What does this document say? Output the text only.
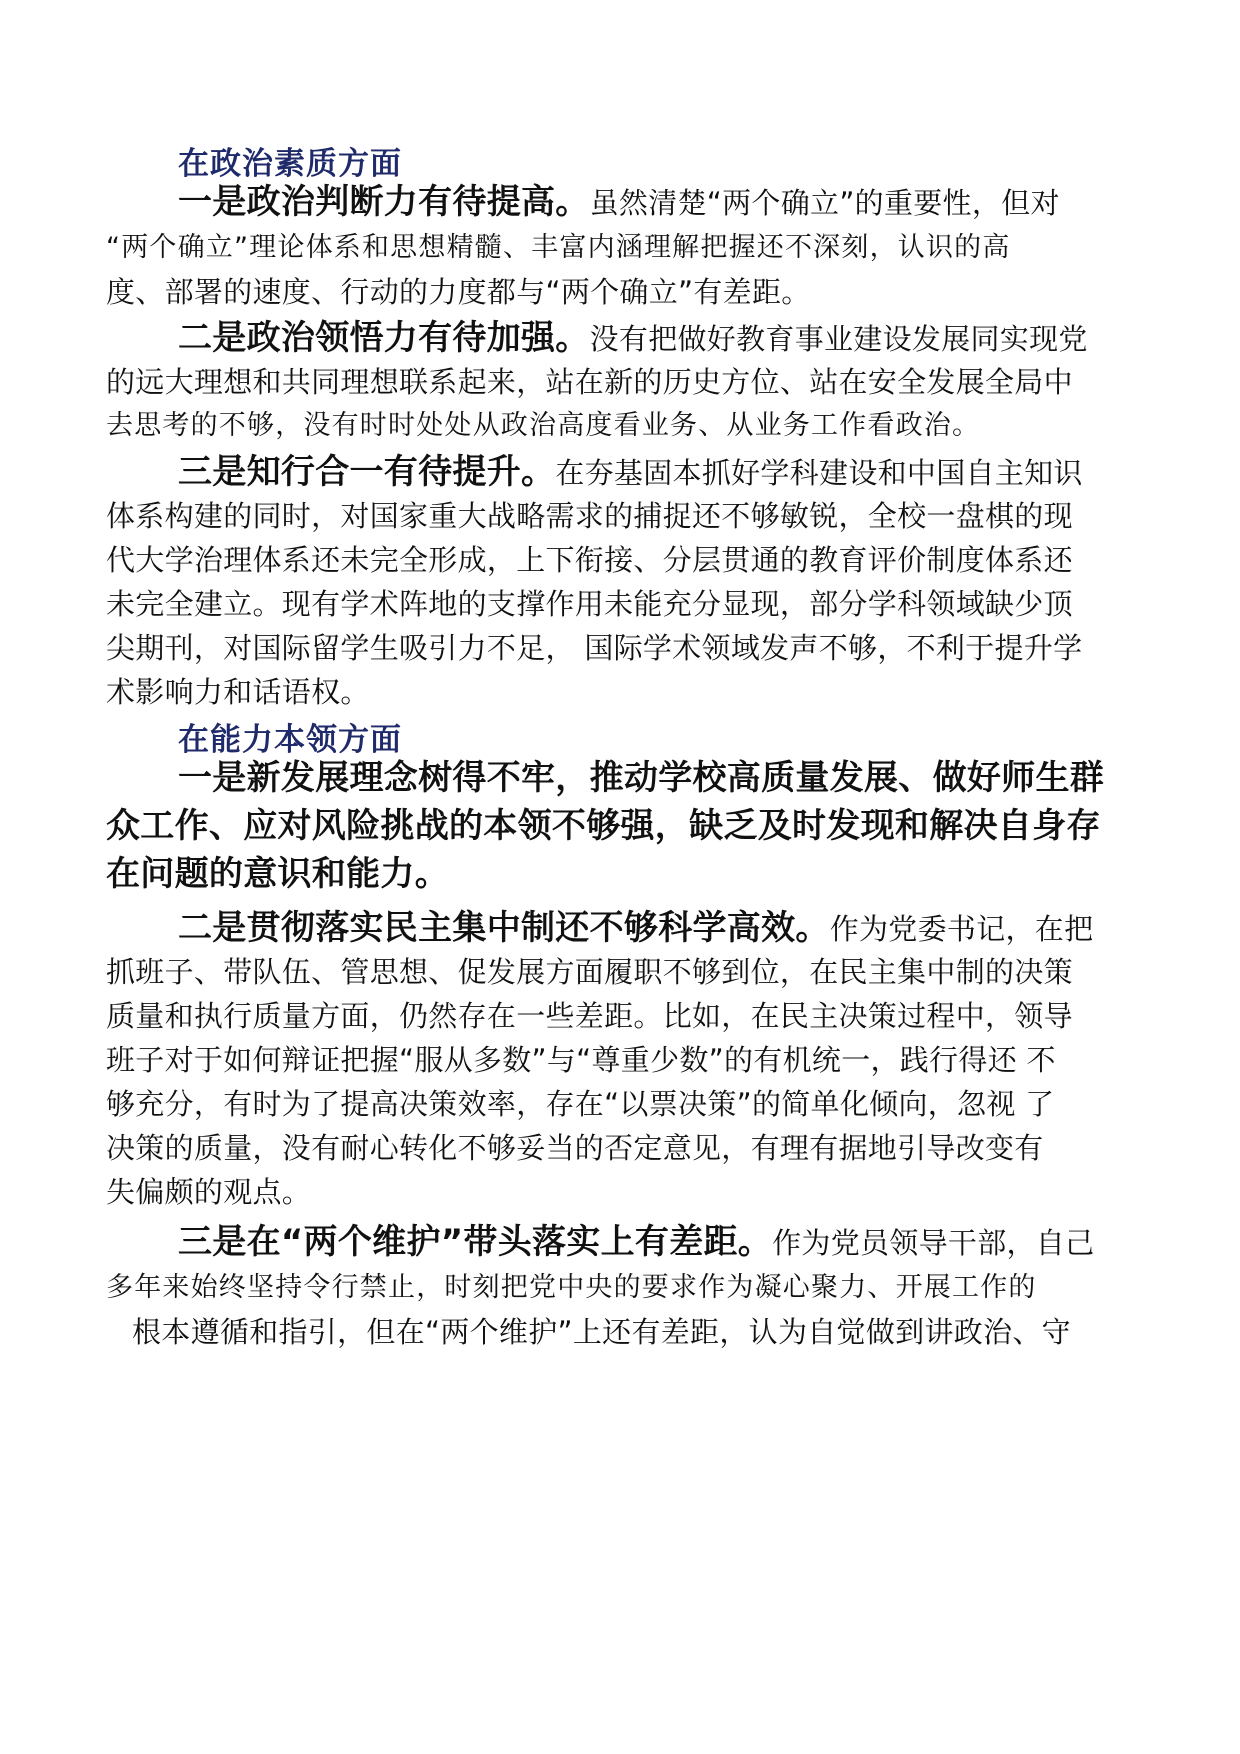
在政治素质方面
一是政治判断力有待提高。虽然清楚“两个确立”的重要性，但对
“两个确立”理论体系和思想精髓、丰富内涵理解把握还不深刻，认识的高
度、部署的速度、行动的力度都与“两个确立”有差距。
二是政治领悟力有待加强。没有把做好教育事业建设发展同实现党
的远大理想和共同理想联系起来，站在新的历史方位、站在安全发展全局中
去思考的不够，没有时时处处从政治高度看业务、从业务工作看政治。
三是知行合一有待提升。在夯基固本抓好学科建设和中国自主知识
体系构建的同时，对国家重大战略需求的捕捉还不够敏锐，全校一盘棋的现
代大学治理体系还未完全形成，上下衔接、分层贯通的教育评价制度体系还
未完全建立。现有学术阵地的支撑作用未能充分显现，部分学科领域缺少顶
尖期刊，对国际留学生吸引力不足， 国际学术领域发声不够，不利于提升学
术影响力和话语权。
在能力本领方面
一是新发展理念树得不牢，推动学校高质量发展、做好师生群
众工作、应对风险挑战的本领不够强，缺乏及时发现和解决自身存
在问题的意识和能力。
二是贯彻落实民主集中制还不够科学高效。作为党委书记，在把
抓班子、带队伍、管思想、促发展方面履职不够到位，在民主集中制的决策
质量和执行质量方面，仍然存在一些差距。比如，在民主决策过程中，领导
班子对于如何辩证把握“服从多数”与“尊重少数”的有机统一，践行得还 不
够充分，有时为了提高决策效率，存在“以票决策”的简单化倾向，忽视 了
决策的质量，没有耐心转化不够妥当的否定意见，有理有据地引导改变有
失偏颇的观点。
三是在“两个维护”带头落实上有差距。作为党员领导干部，自己
多年来始终坚持令行禁止，时刻把党中央的要求作为凝心聚力、开展工作的
根本遵循和指引，但在“两个维护”上还有差距，认为自觉做到讲政治、守
